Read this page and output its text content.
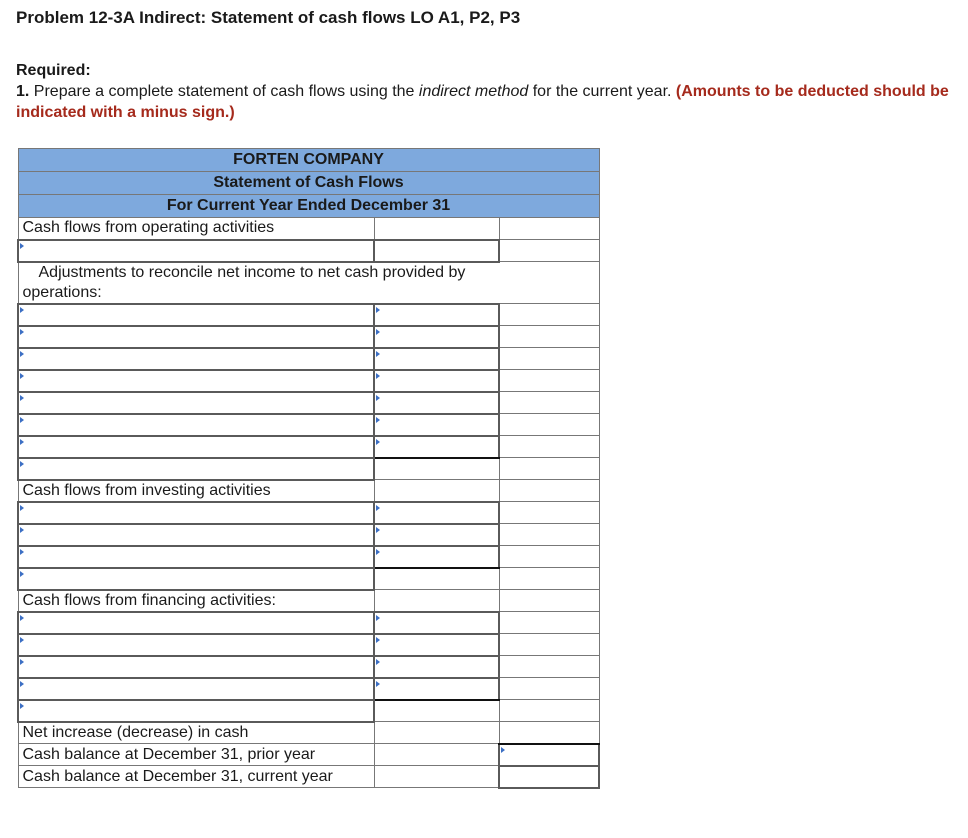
Problem 12-3A Indirect: Statement of cash flows LO A1, P2, P3
Required:
1. Prepare a complete statement of cash flows using the indirect method for the current year. (Amounts to be deducted should be indicated with a minus sign.)
FORTEN COMPANY		
Statement of Cash Flows		
For Current Year Ended December 31		
Cash flows from operating activities		

Adjustments to reconcile net income to net cash provided by
operations:		

Cash flows from investing activities		

Cash flows from financing activities:		

Net increase (decrease) in cash		
Cash balance at December 31, prior year		
Cash balance at December 31, current year		
